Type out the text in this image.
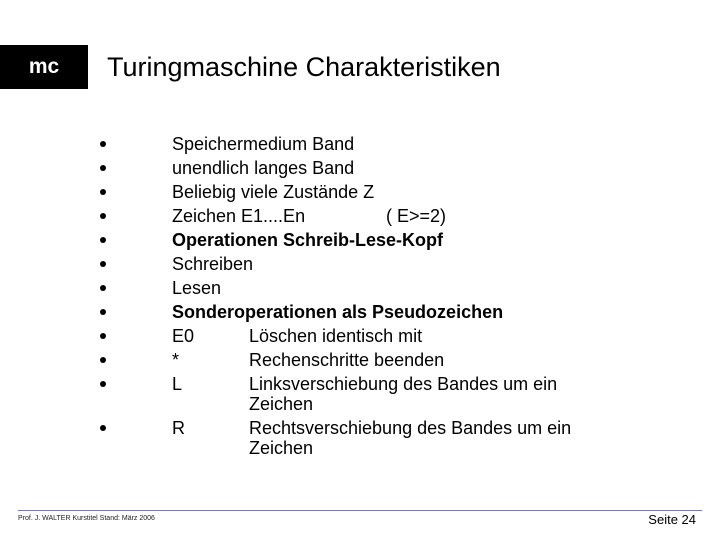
mc	Turingmaschine Charakteristiken
Speichermedium Band
unendlich langes Band
Beliebig viele Zustände Z
Zeichen E1....En	( E>=2)
Operationen Schreib-Lese-Kopf
Schreiben
Lesen
Sonderoperationen als Pseudozeichen
E0	Löschen identisch mit
*	Rechenschritte beenden
L	Linksverschiebung des Bandes um ein
Zeichen
R	Rechtsverschiebung des Bandes um ein
Zeichen
Prof. J. WALTER Kurstitel Stand: März 2006	Seite 24
